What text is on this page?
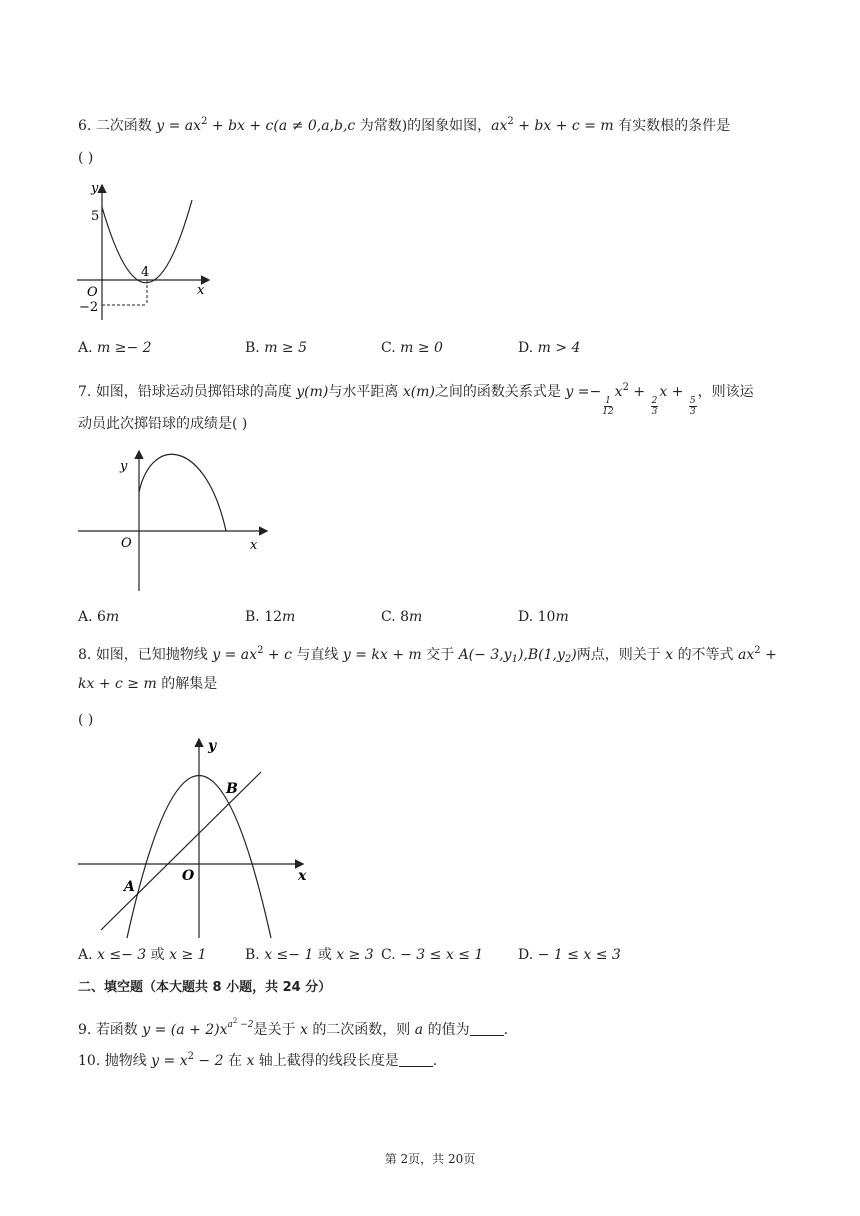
6. 二次函数 $y = ax^2$ + bx + c(a ≠ 0,a,b,c 为常数)的图象如图，$ax^2$ + bx + c = m 有实数根的条件是
( )
y
x
O
5
4
−2
A. m ≥− 2	B. m ≥ 5	C. m ≥ 0	D. m > 4
7. 如图，铅球运动员掷铅球的高度 y(m)与水平距离 x(m)之间的函数关系式是 y =−
$\frac{1}{12}$
$x^2$ +
$\frac{2}{3}$
x +
$\frac{5}{3}$
，则该运
动员此次掷铅球的成绩是( )
y
x
O
A. 6m	B. 12m	C. 8m	D. 10m
8. 如图，已知抛物线 $y = ax^2 + c$ 与直线 y = kx + m 交于 $A(- 3,y_1),B(1,y_2)$两点，则关于 x 的不等式 $ax^2$ +
kx + c ≥ m 的解集是
( )
y
x
O
A
B
A. x ≤− 3 或 x ≥ 1	B. x ≤− 1 或 x ≥ 3 C. − 3 ≤ x ≤ 1 D. − 1 ≤ x ≤ 3
二、填空题（本大题共 8 小题，共 24 分）
9. 若函数 $y = (a + 2)x^{a^2 -2}$是关于 x 的二次函数，则 a 的值为 .
10. 抛物线 $y = x^2 - 2$ 在 x 轴上截得的线段长度是 .
第 2页，共 20页
